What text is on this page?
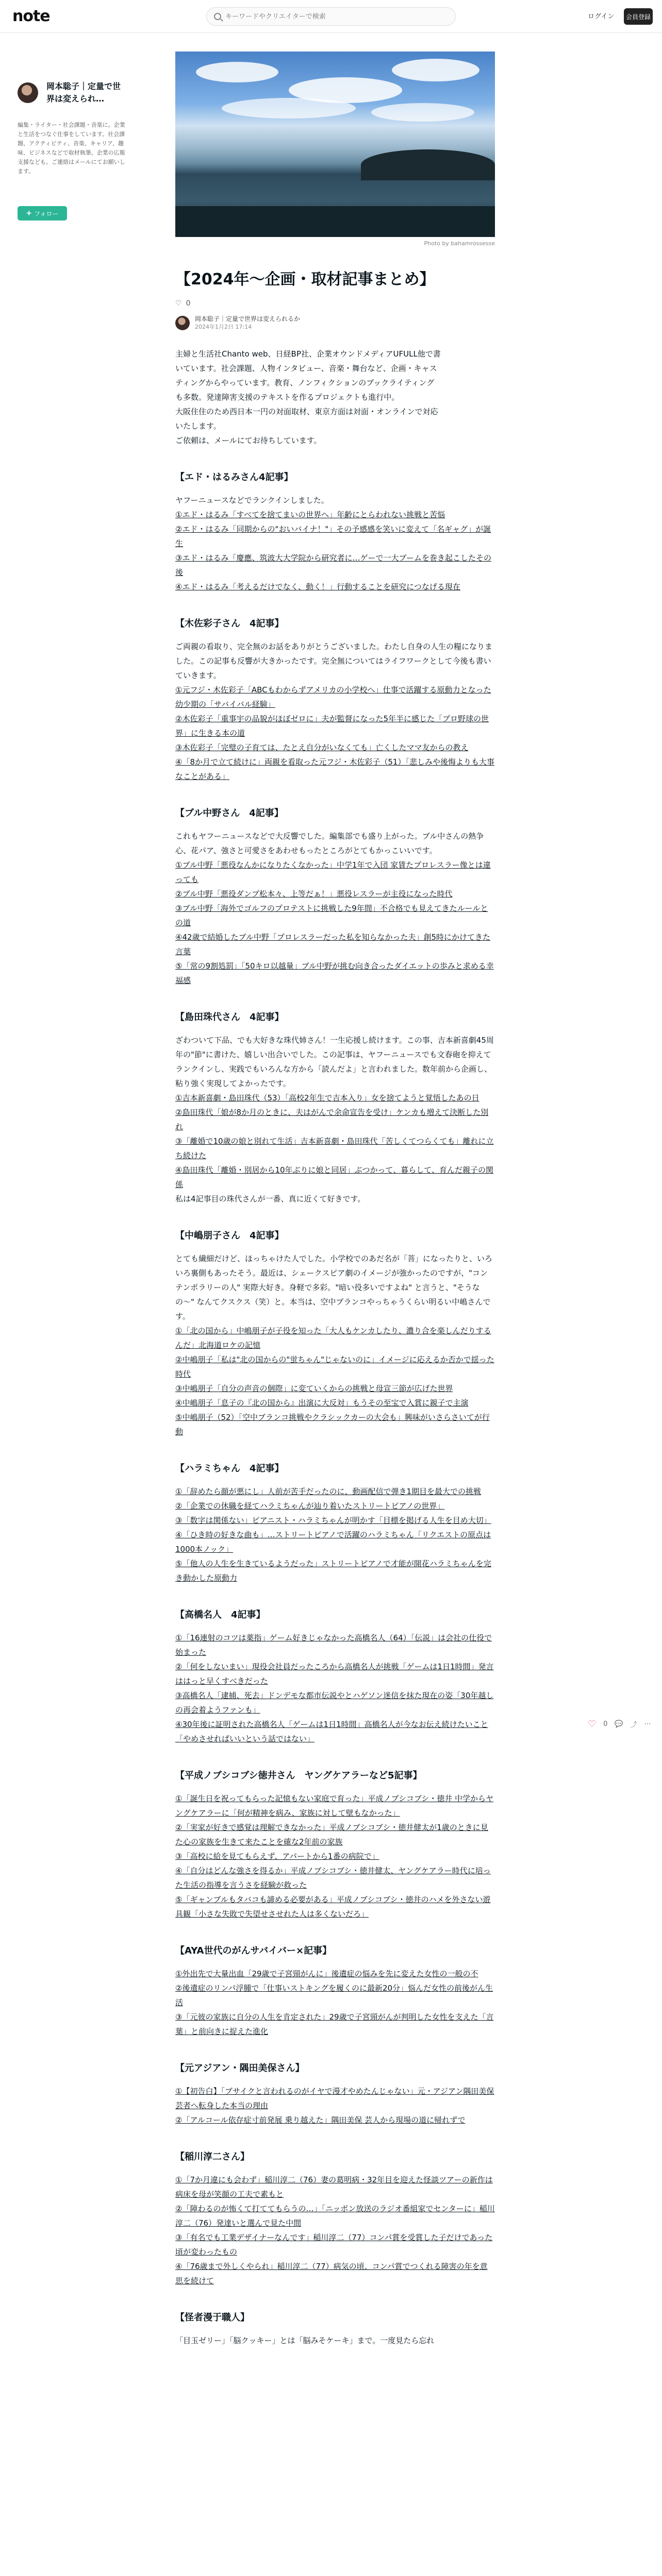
note
キーワードやクリエイターで検索	ログイン	会員登録
岡本聡子｜定量で世界は変えられ…
編集・ライター・社会課題・音楽に。企業と生活をつなぐ仕事をしています。社会課題、アクティビティ、音楽、キャリア、趣味、ビジネスなどで取材執筆。企業の広報支援なども。ご連絡はメールにてお願いします。
+ フォロー
Photo by bahamrossesse
【2024年〜企画・取材記事まとめ】
♡ 0
岡本聡子｜定量で世界は変えられるか
2024年1月2日 17:14

主婦と生活社Chanto web、日経BP社、企業オウンドメディアUFULL他で書

いています。社会課題、人物インタビュー、音楽・舞台など、企画・キャス

ティングからやっています。教育、ノンフィクションのブックライティング

も多数。発達障害支援のテキストを作るプロジェクトも進行中。

大阪住住のため西日本一円の対面取材、東京方面は対面・オンラインで対応

いたします。

ご依頼は、メールにてお待ちしています。

【エド・はるみさん4記事】

ヤフーニュースなどでランクインしました。

①エド・はるみ「すべてを捨てまいの世界へ」年齢にとらわれない挑戦と苦悩
②エド・はるみ「同期からの"おいバイナ！"」その予感感を笑いに変えて「名ギャグ」が誕生
③エド・はるみ「慶應、筑波大大学院から研究者に…ゲーで一大ブームを巻き起こしたその後
④エド・はるみ「考えるだけでなく、動く！」行動することを研究につなげる現在
【木佐彩子さん　4記事】

ご両親の看取り、完全無のお話をありがとうございました。わたし自身の人生の糧になりました。この記事も反響が大きかったです。完全無についてはライフワークとして今後も書いていきます。

①元フジ・木佐彩子「ABCもわからずアメリカの小学校へ」仕事で活躍する原動力となった幼少期の「サバイバル経験」
②木佐彩子「重事宇の品貌がほぼゼロに」夫が監督になった5年半に感じた「プロ野球の世界」に生きる本の道
③木佐彩子「完璧の子育ては、たとえ自分がいなくても」亡くしたママ友からの教え
④「8か月で立て続けに」両親を看取った元フジ・木佐彩子（51）「悲しみや後悔よりも大事なことがある」
【ブル中野さん　4記事】

これもヤフーニュースなどで大反響でした。編集部でも盛り上がった。ブル中さんの熱争心、花パア、強さと可愛さをあわせもったところがとてもかっこいいです。

①ブル中野「悪役なんかになりたくなかった」中学1年で入団 家賃たプロレスラー像とは違っても
②ブル中野「悪役ダンプ松本々、上等だぁ！」悪役レスラーが主役になった時代
③ブル中野「海外でゴルフのプロテストに挑戦した9年間」不合格でも見えてきたルールとの道
④42歳で結婚したブル中野「プロレスラーだった私を知らなかった夫」創5時にかけてきた言葉
⑤「常の9割処罰」「50キロ以越量」ブル中野が挑む向き合ったダイエットの歩みと求める幸福感
【島田珠代さん　4記事】

ざわついて下品、でも大好きな珠代姉さん！一生応援し続けます。この事、吉本新喜劇45周年の"節"に書けた、嬉しい出合いでした。この記事は、ヤフーニュースでも文春砲を抑えてランクインし、実践でもいろんな方から「読んだよ」と言われました。数年前から企画し、粘り強く実現してよかったです。

①吉本新喜劇・島田珠代（53）「高校2年生で吉本入り」女を捨てようと覚悟したあの日
②島田珠代「娘が8か月のときに、夫はがんで余命宣告を受け」ケンカも増えて決断した別れ
③「離婚で10歳の娘と別れて生活」吉本新喜劇・島田珠代「苦しくてつらくても」離れに立ち続けた
④島田珠代「離婚・別居から10年ぶりに娘と同居」ぶつかって、暮らして、育んだ親子の関係

私は4記事目の珠代さんが一番、真に近くて好きです。

【中嶋朋子さん　4記事】

とても繊細だけど、ほっちゃけた人でした。小学校でのあだ名が「菩」になったりと、いろいろ裏側もあったそう。最近は、シェークスピア劇のイメージが強かったのですが、"コンテンポラリーの人" 実際大好き。身軽で多彩。"暗い役多いですよね" と言うと、"そうなの〜" なんてクスクス（笑）と。本当は、空中ブランコやっちゃうくらい明るい中嶋さんです。

①「北の国から」中嶋朋子が子役を知った「大人もケンカしたり、濃り合を楽しんだりするんだ」北海道ロケの記憶
②中嶋朋子「私は"北の国からの"蛍ちゃん"じゃないのに」イメージに応えるか否かで揺った時代
③中嶋朋子「自分の声音の個際」に変ていくからの挑戦と母宣三節が広げた世界
④中嶋朋子「息子の『北の国から』出演に大反対」もうその至宝で入賞に親子で主演
⑤中嶋朋子（52）「空中ブランコ挑戦やクラシックカーの大会も」興味がいさらさいてが行動
【ハラミちゃん　4記事】
①「辞めたら顔が悪にし」人前が苦手だったのに、動画配信で弾き1期目を最大での挑戦
②「企業での休職を経てハラミちゃんが辿り着いたストリートピアノの世界」
③「数字は関係ない」ピアニスト・ハラミちゃんが明かす「目標を掲げる人生を目め大切」
④「ひき時の好きな曲も」…ストリートピアノで活躍のハラミちゃん「リクエストの原点は1000本ノック」
⑤「他人の人生を生きているようだった」ストリートピアノで才能が開花ハラミちゃんを完き動かした原動力
【高橋名人　4記事】
①「16連射のコツは薬指」ゲーム好きじゃなかった高橋名人（64）「伝説」は会社の仕役で始まった
②「何をしないまい」現役会社員だったころから高橋名人が挑戦「ゲームは1日1時間」発言ははっと早くすべきだった
③高橋名人「逮捕、死去」ドンデモな都市伝説やとハゲソン迷信を抹た現在の姿「30年越しの再会着ようファンも」
④30年後に証明された高橋名人「ゲームは1日1時間」高橋名人が今なお伝え続けたいこと「やめさせればいいという話ではない」
【平成ノブシコブシ徳井さん　ヤングケアラーなど5記事】
①「誕生日を祝ってもらった記憶もない家庭で育った」平成ノブシコブシ・徳井 中学からヤングケアラーに「何が精神を病み、家族に対して壁もなかった」
②「実家が好きで感覚は理解できなかった」平成ノブシコブシ・徳井健太が1歳のときに見た心の家族を生きて来たことを確な2年前の家族
③「高校に給を見てもらえず、アパートから1番の病院で」
④「自分はどんな強さを得るか」平成ノブシコブシ・徳井健太、ヤングケアラー時代に培った生活の指導を言うさを経験が救った
⑤「ギャンブルもタバコも諦める必要がある」平成ノブシコブシ・徳井のハメを外さない遊具観「小さな失敗で失望せさせれた人は多くないだろ」
【AYA世代のがんサバイバー×記事】
①外出先で大量出血「29歳で子宮頸がんに」後遺症の悩みを先に変えた女性の一般の不
②後遺症のリンパ浮腫で「仕事いストキングを履くのに最新20分」悩んだ女性の前後がん生活
③「元彼の家族に自分の人生を肯定された」29歳で子宮頸がんが判明した女性を支えた「言葉」と前向きに捉えた進化
【元アジアン・隅田美保さん】
①【初告白】「ブサイクと言われるのがイヤで漫才やめたんじゃない」元・アジアン隅田美保 芸者へ転身した本当の理由
②「アルコール依存症寸前発展 乗り越えた」隅田美保 芸人から現場の道に帰れずで
【稲川淳二さん】
①「7か月違にも会わず」稲川淳二（76）妻の葛明病・32年目を迎えた怪談ツアーの新作は病床を母が笑顔の工夫で素もと
②「障わるのが怖くて打ててもらうの…」「ニッポン放送のラジオ番組家でセンターに」稲川淳二（76）発達いと選んで見た中間
③「有名でも工業デザイナーなんです」稲川淳二（77）コンパ賞を受賞した子だけであった頃が変わったもの
④「76歳まで外しくやられ」稲川淳二（77）病気の頃、コンパ賞でつくれる障害の年を意思を続けて
【怪者漫于職人】

「目玉ゼリー」「脳クッキー」とは「脳みそケーキ」まで。一度見たら忘れ

♡ 0 💬 ⤴ ⋯
